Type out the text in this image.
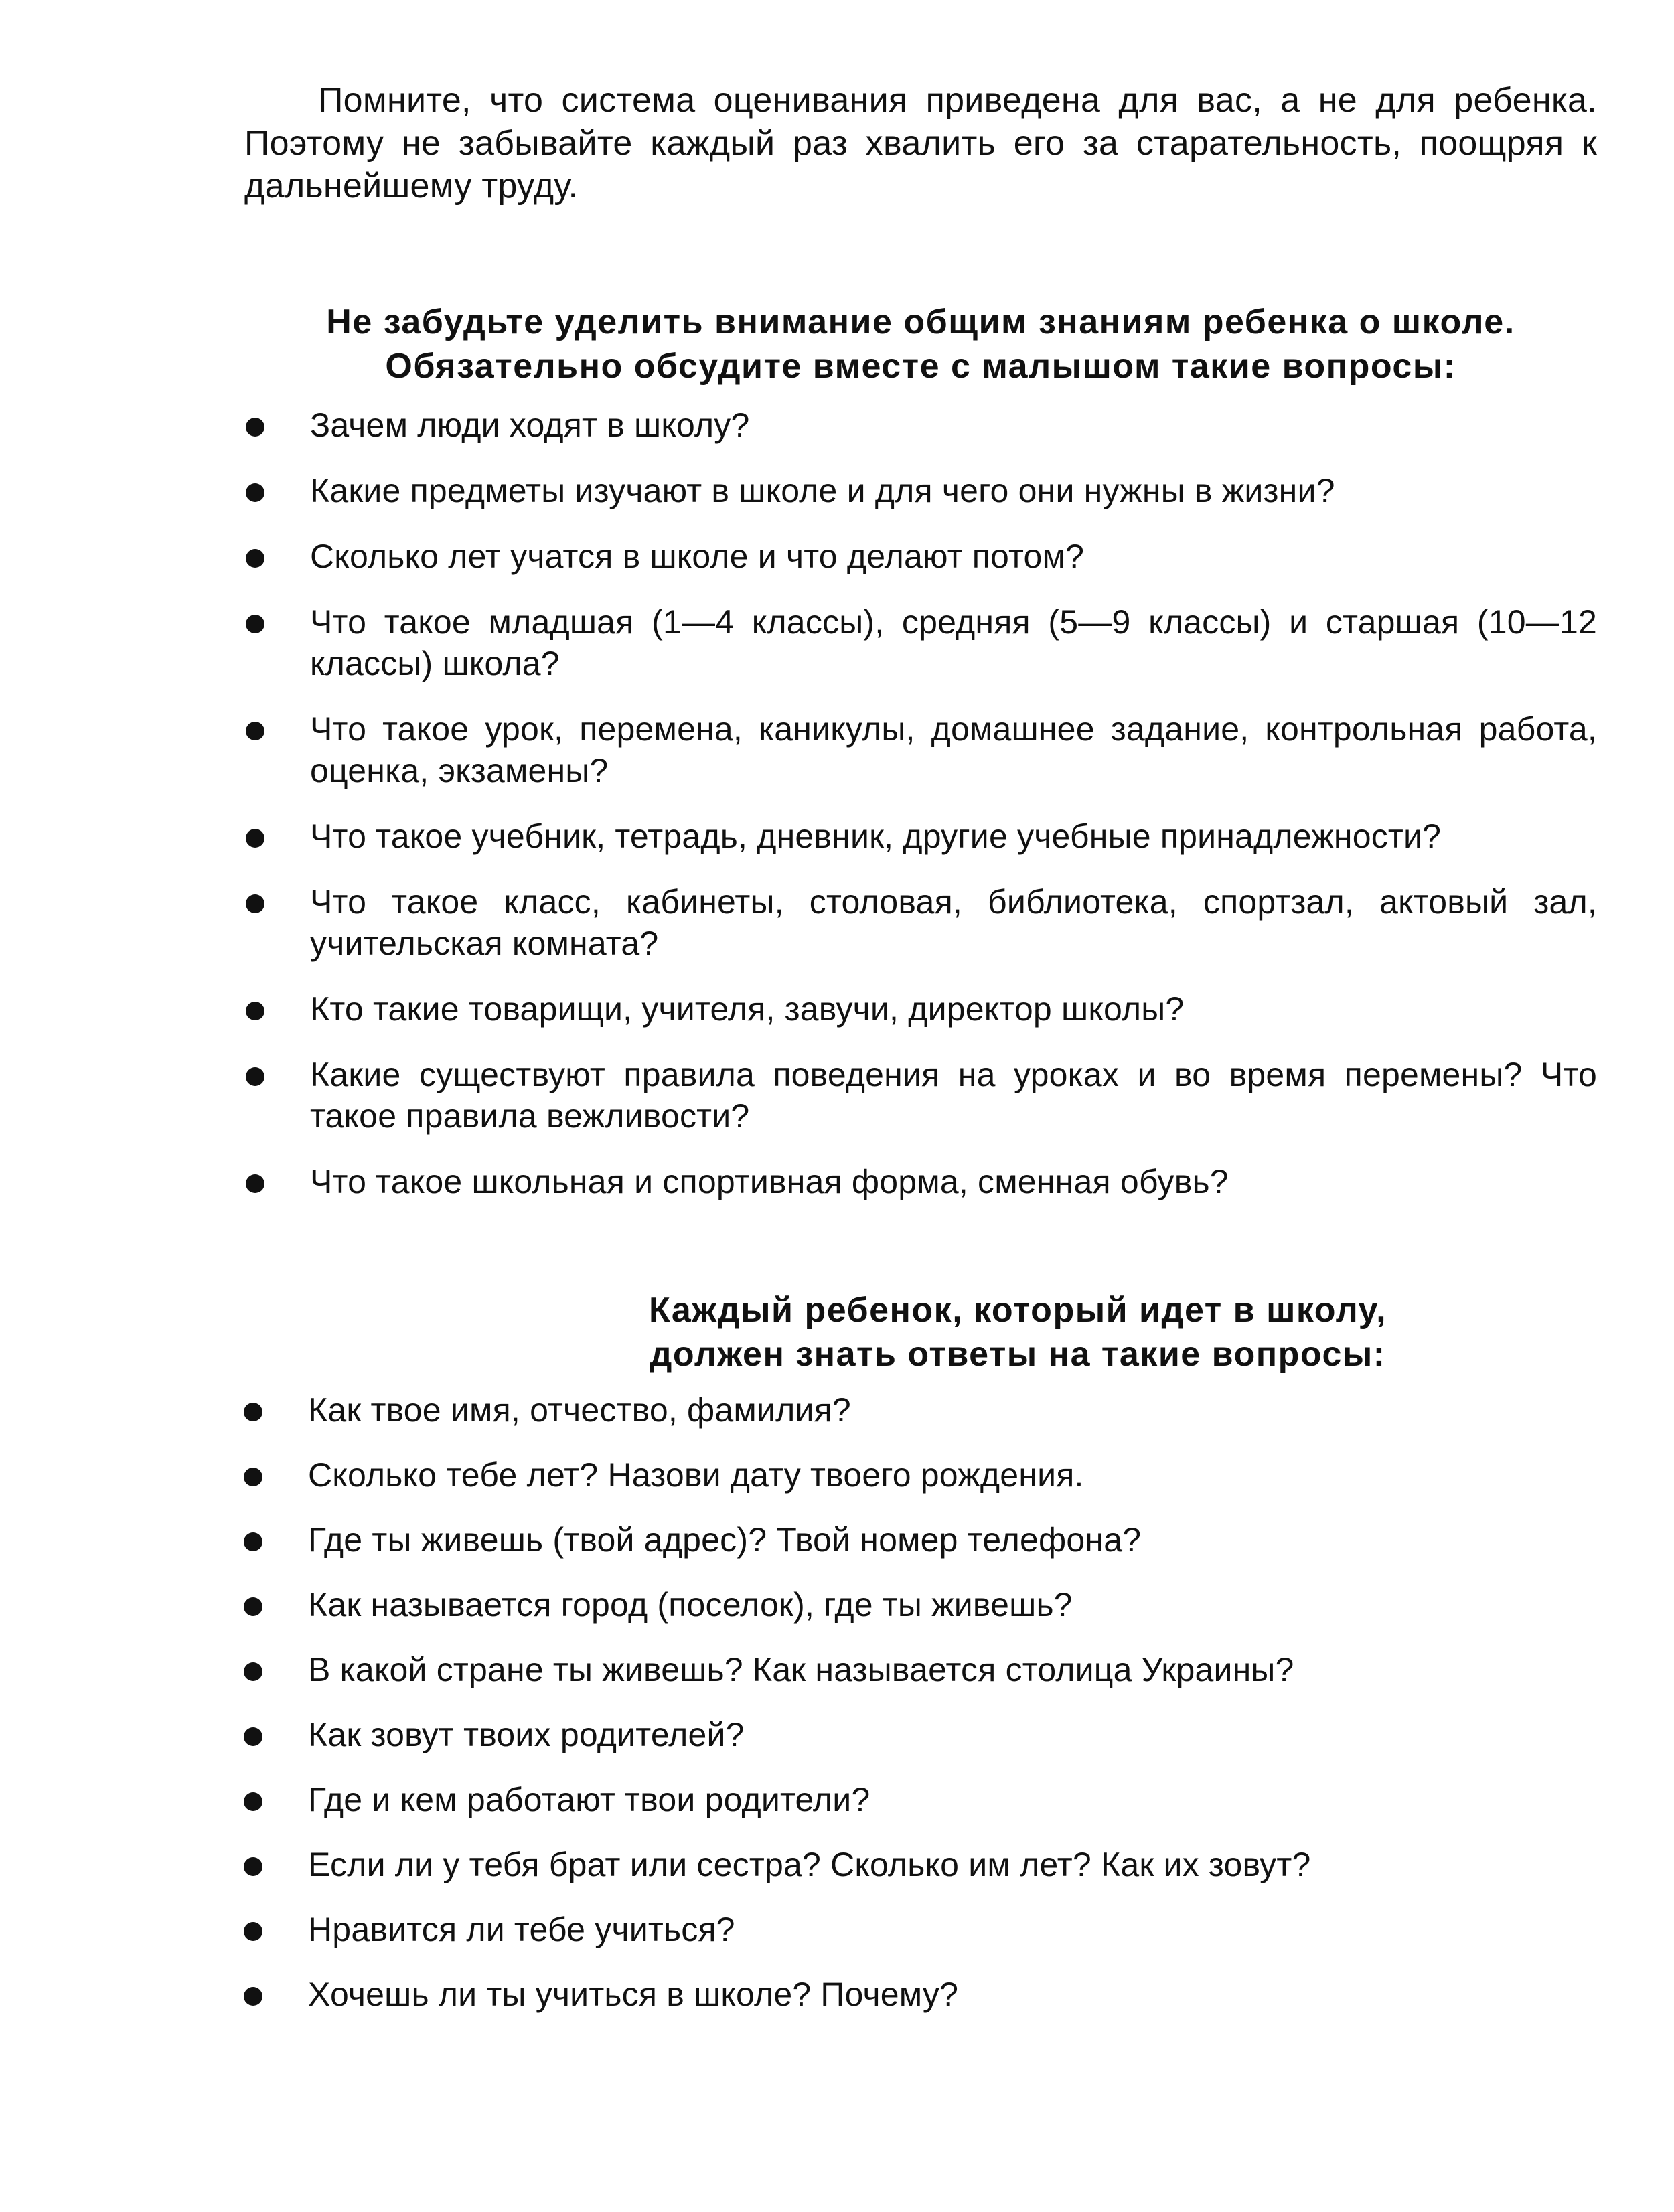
Помните, что система оценивания приведена для вас, а не для ребенка. Поэтому не забывайте каждый раз хвалить его за старательность, поощряя к дальнейшему труду.

Не забудьте уделить внимание общим знаниям ребенка о школе.
Обязательно обсудите вместе с малышом такие вопросы:
Зачем люди ходят в школу?
Какие предметы изучают в школе и для чего они нужны в жизни?
Сколько лет учатся в школе и что делают потом?
Что такое младшая (1—4 классы), средняя (5—9 классы) и старшая (10—12 классы) школа?
Что такое урок, перемена, каникулы, домашнее задание, контрольная работа, оценка, экзамены?
Что такое учебник, тетрадь, дневник, другие учебные принадлежности?
Что такое класс, кабинеты, столовая, библиотека, спортзал, актовый зал, учительская комната?
Кто такие товарищи, учителя, завучи, директор школы?
Какие существуют правила поведения на уроках и во время перемены? Что такое правила вежливости?
Что такое школьная и спортивная форма, сменная обувь?
Каждый ребенок, который идет в школу,
должен знать ответы на такие вопросы:
Как твое имя, отчество, фамилия?
Сколько тебе лет? Назови дату твоего рождения.
Где ты живешь (твой адрес)? Твой номер телефона?
Как называется город (поселок), где ты живешь?
В какой стране ты живешь? Как называется столица Украины?
Как зовут твоих родителей?
Где и кем работают твои родители?
Если ли у тебя брат или сестра? Сколько им лет? Как их зовут?
Нравится ли тебе учиться?
Хочешь ли ты учиться в школе? Почему?
